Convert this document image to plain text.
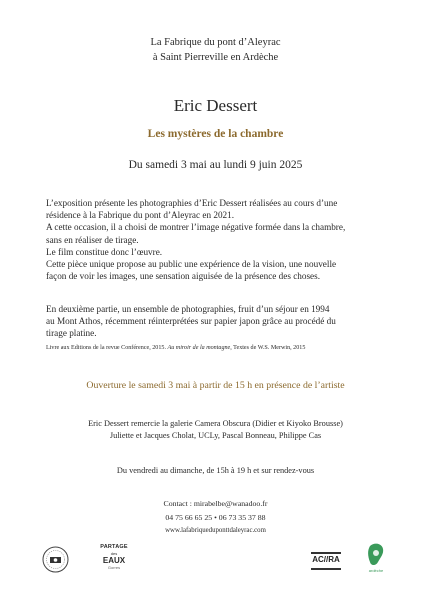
La Fabrique du pont d’Aleyrac
à Saint Pierreville en Ardèche
Eric Dessert
Les mystères de la chambre
Du samedi 3 mai au lundi 9 juin 2025
L’exposition présente les photographies d’Eric Dessert réalisées au cours d’une
résidence à la Fabrique du pont d’Aleyrac en 2021.
A cette occasion, il a choisi de montrer l’image négative formée dans la chambre,
sans en réaliser de tirage.
Le film constitue donc l’œuvre.
Cette pièce unique propose au public une expérience de la vision, une nouvelle
façon de voir les images, une sensation aiguisée de la présence des choses.
En deuxième partie, un ensemble de photographies, fruit d’un séjour en 1994
au Mont Athos, récemment réinterprétées sur papier japon grâce au procédé du
tirage platine.
Livre aux Editions de la revue Conférence, 2015. Au miroir de la montagne, Textes de W.S. Merwin, 2015
Ouverture le samedi 3 mai à partir de 15 h en présence de l’artiste
Eric Dessert remercie la galerie Camera Obscura (Didier et Kiyoko Brousse)
Juliette et Jacques Cholat, UCLy, Pascal Bonneau, Philippe Cas
Du vendredi au dimanche, de 15h à 19 h et sur rendez-vous
Contact : mirabelbe@wanadoo.fr
04 75 66 65 25 • 06 73 35 37 88
www.lafabriqueduponttdaleyrac.com
PARTAGE
des
EAUX
Gorres
AC//RA
ardèche
